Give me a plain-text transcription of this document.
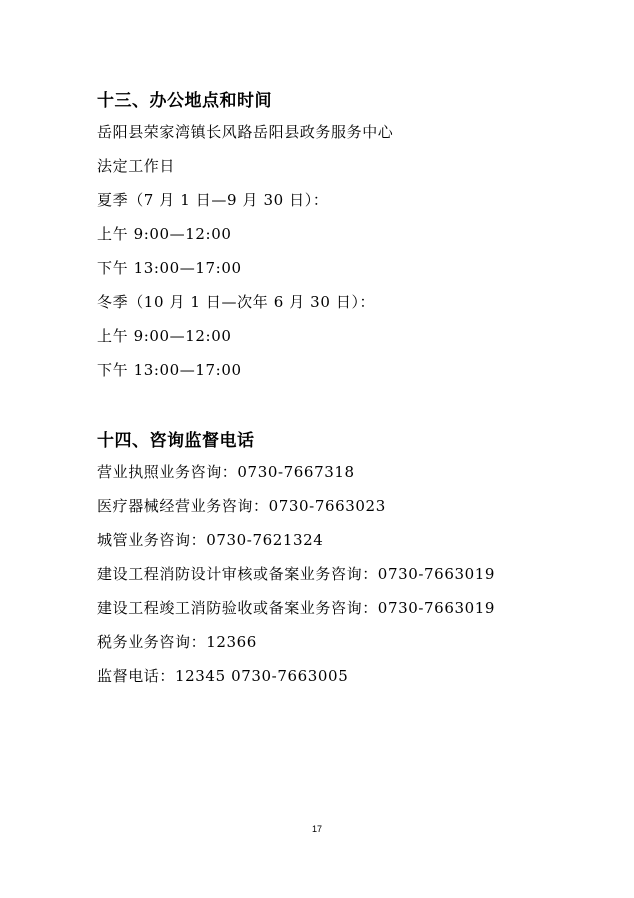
十三、办公地点和时间
岳阳县荣家湾镇长风路岳阳县政务服务中心
法定工作日
夏季（7 月 1 日—9 月 30 日）：
上午 9:00—12:00
下午 13:00—17:00
冬季（10 月 1 日—次年 6 月 30 日）：
上午 9:00—12:00
下午 13:00—17:00
十四、咨询监督电话
营业执照业务咨询：0730-7667318
医疗器械经营业务咨询：0730-7663023
城管业务咨询：0730-7621324
建设工程消防设计审核或备案业务咨询：0730-7663019
建设工程竣工消防验收或备案业务咨询：0730-7663019
税务业务咨询：12366
监督电话：12345 0730-7663005
17
